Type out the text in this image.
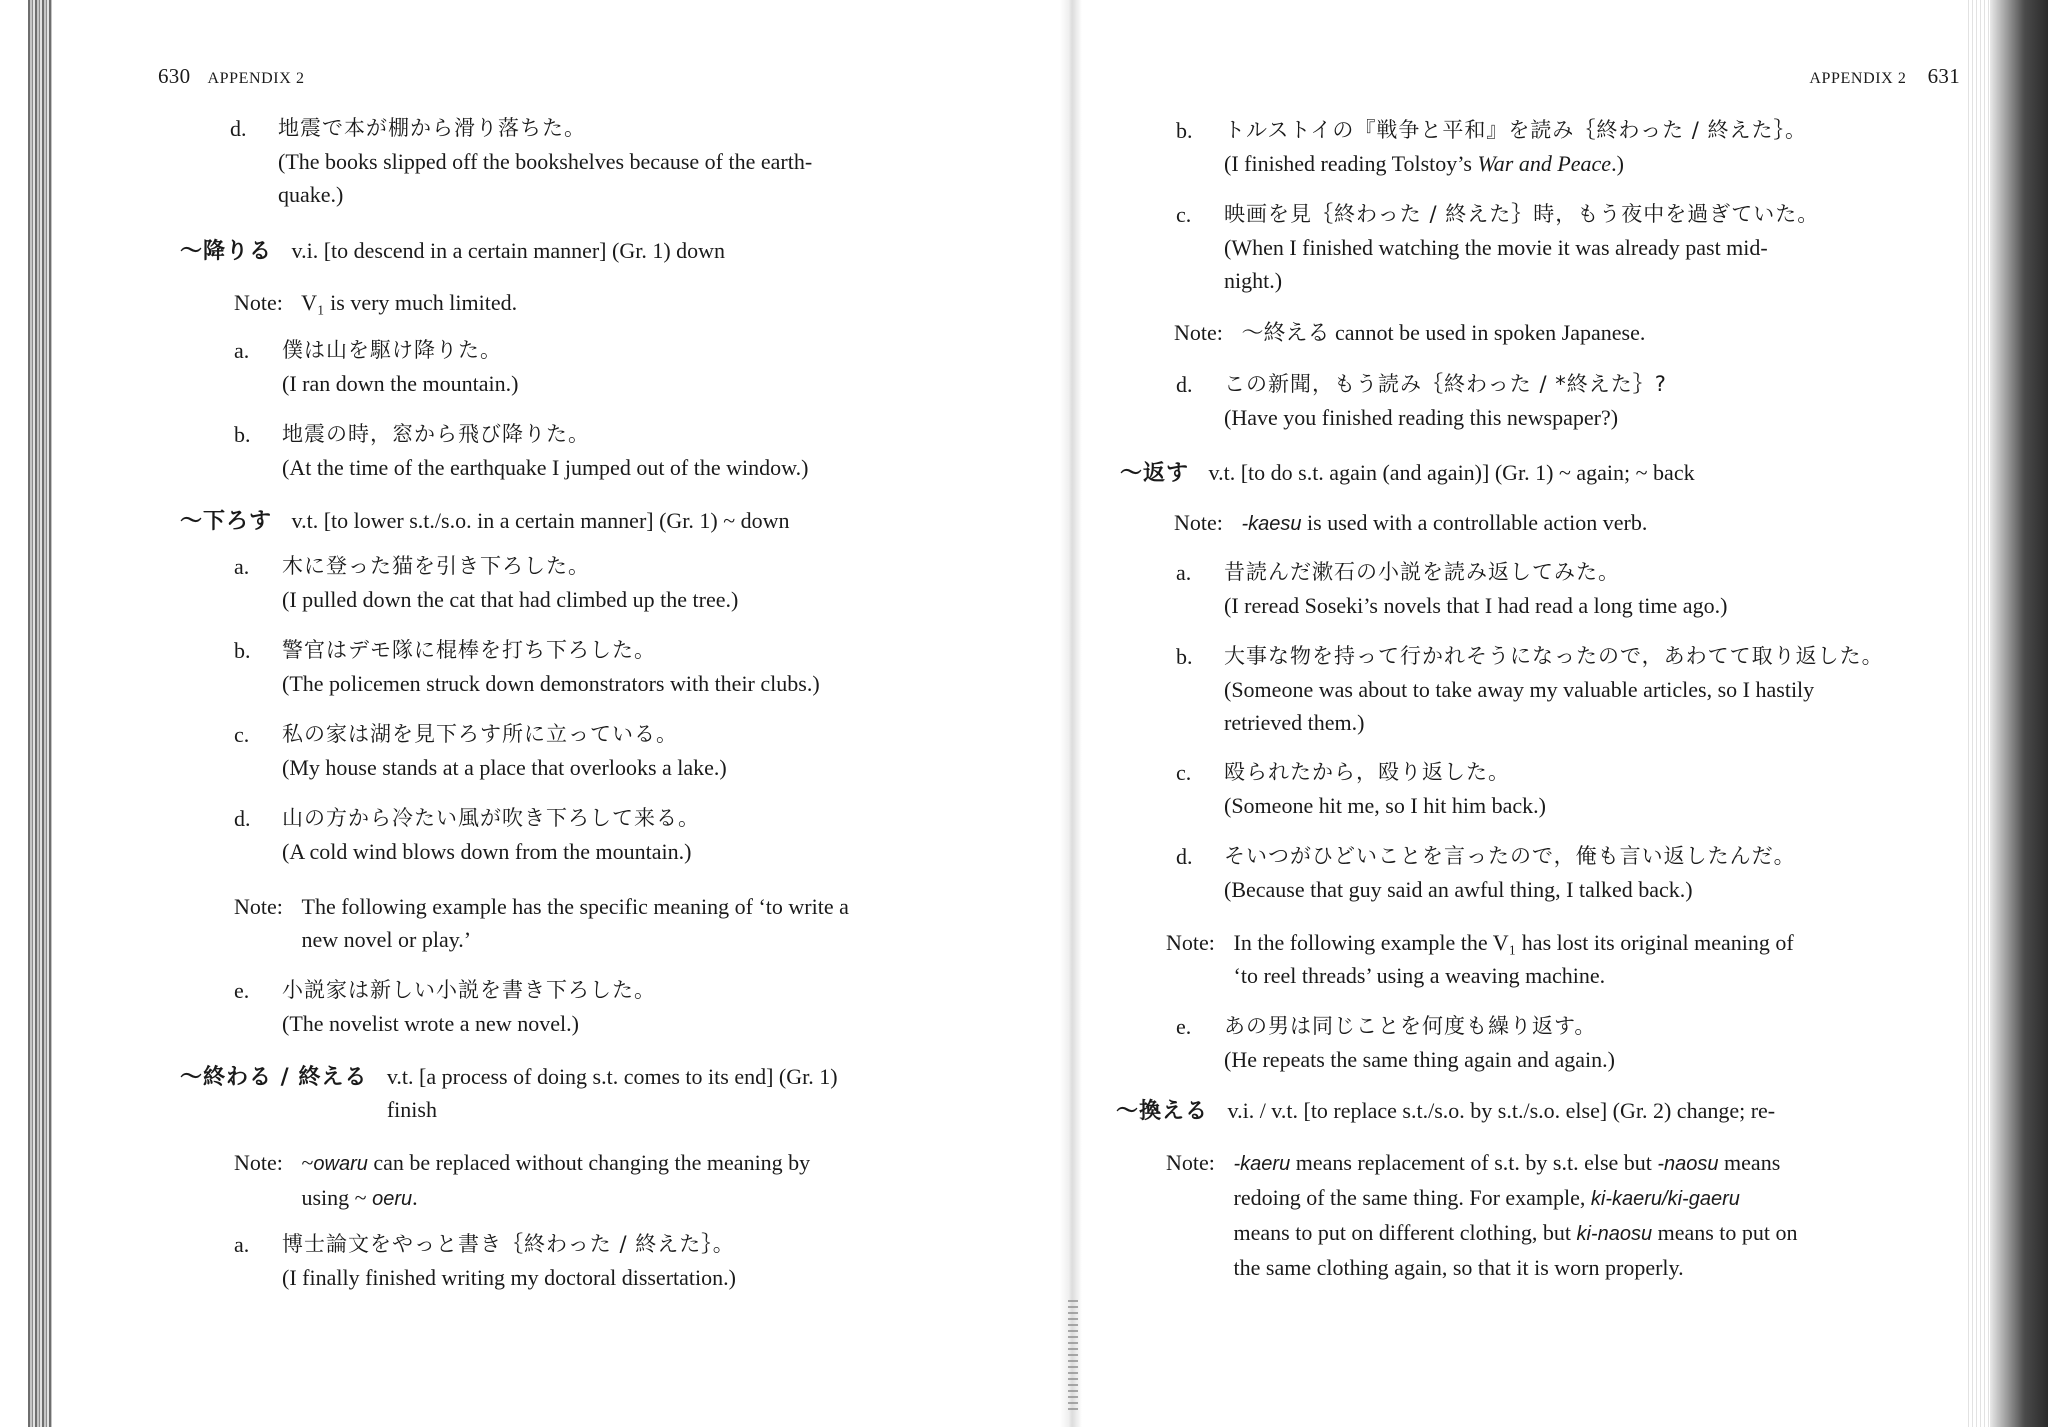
630 APPENDIX 2
d. 地震で本が棚から滑り落ちた。
(The books slipped off the bookshelves because of the earth-
quake.)
〜降りる v.i. [to descend in a certain manner] (Gr. 1) down
Note: V₁ is very much limited.
a. 僕は山を駆け降りた。
(I ran down the mountain.)
b. 地震の時，窓から飛び降りた。
(At the time of the earthquake I jumped out of the window.)
〜下ろす v.t. [to lower s.t./s.o. in a certain manner] (Gr. 1) ~ down
a. 木に登った猫を引き下ろした。
(I pulled down the cat that had climbed up the tree.)
b. 警官はデモ隊に棍棒を打ち下ろした。
(The policemen struck down demonstrators with their clubs.)
c. 私の家は湖を見下ろす所に立っている。
(My house stands at a place that overlooks a lake.)
d. 山の方から冷たい風が吹き下ろして来る。
(A cold wind blows down from the mountain.)
Note: The following example has the specific meaning of ‘to write a
new novel or play.’
e. 小説家は新しい小説を書き下ろした。
(The novelist wrote a new novel.)
〜終わる / 終える v.t. [a process of doing s.t. comes to its end] (Gr. 1)
finish
Note: ~owaru can be replaced without changing the meaning by
using ~ oeru.
a. 博士論文をやっと書き｛終わった / 終えた｝。
(I finally finished writing my doctoral dissertation.)
APPENDIX 2 631
b. トルストイの『戦争と平和』を読み｛終わった / 終えた｝。
(I finished reading Tolstoy’s War and Peace.)
c. 映画を見｛終わった / 終えた｝時，もう夜中を過ぎていた。
(When I finished watching the movie it was already past mid-
night.)
Note: 〜終える cannot be used in spoken Japanese.
d. この新聞，もう読み｛終わった / *終えた｝?
(Have you finished reading this newspaper?)
〜返す v.t. [to do s.t. again (and again)] (Gr. 1) ~ again; ~ back
Note: -kaesu is used with a controllable action verb.
a. 昔読んだ漱石の小説を読み返してみた。
(I reread Soseki’s novels that I had read a long time ago.)
b. 大事な物を持って行かれそうになったので，あわてて取り返した。
(Someone was about to take away my valuable articles, so I hastily
retrieved them.)
c. 殴られたから，殴り返した。
(Someone hit me, so I hit him back.)
d. そいつがひどいことを言ったので，俺も言い返したんだ。
(Because that guy said an awful thing, I talked back.)
Note: In the following example the V₁ has lost its original meaning of
‘to reel threads’ using a weaving machine.
e. あの男は同じことを何度も繰り返す。
(He repeats the same thing again and again.)
〜換える v.i. / v.t. [to replace s.t./s.o. by s.t./s.o. else] (Gr. 2) change; re-
Note: -kaeru means replacement of s.t. by s.t. else but -naosu means
redoing of the same thing. For example, ki-kaeru/ki-gaeru
means to put on different clothing, but ki-naosu means to put on
the same clothing again, so that it is worn properly.
